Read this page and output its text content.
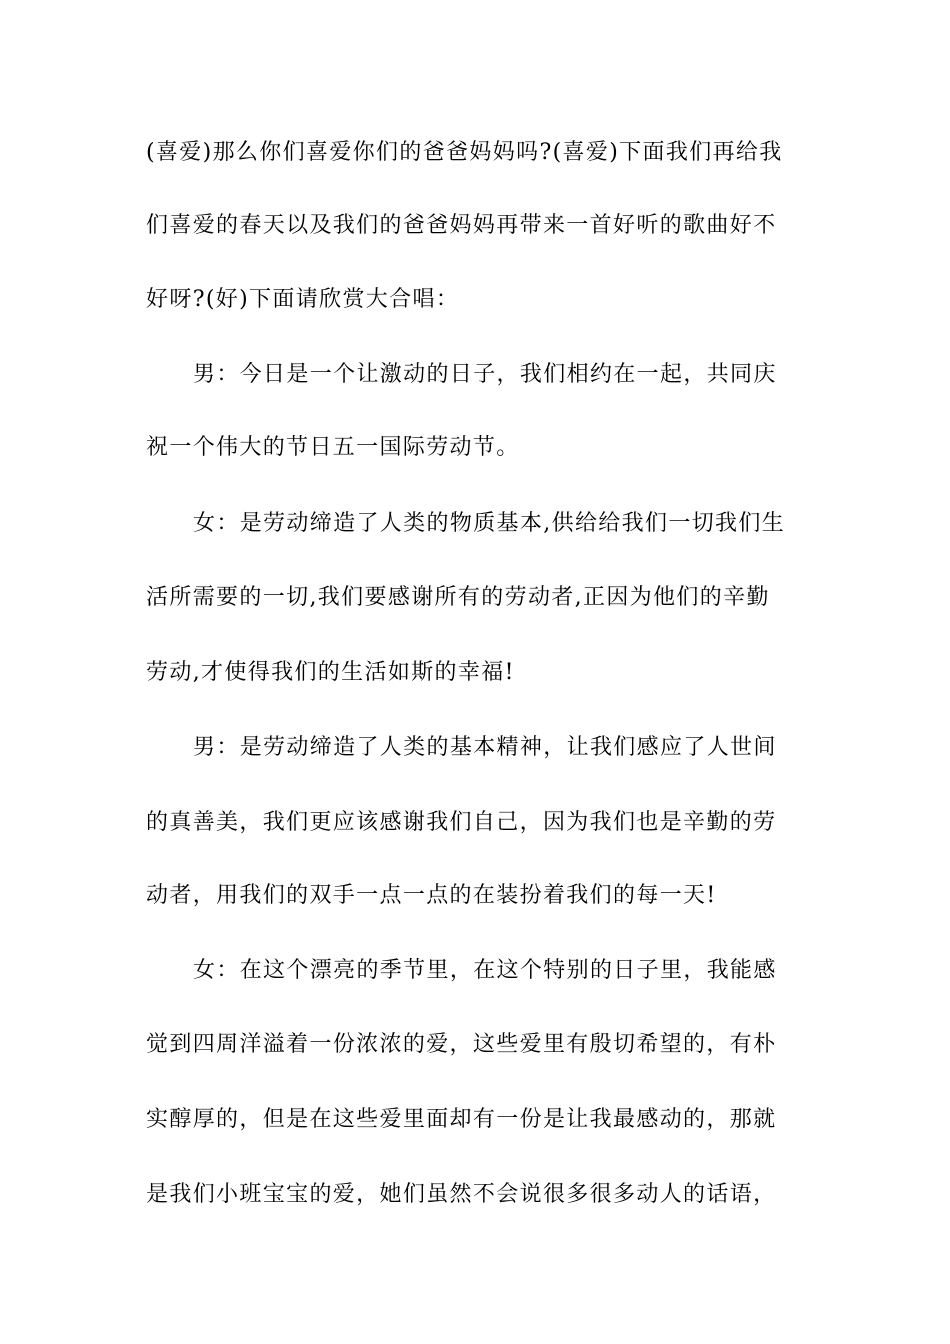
(喜爱)那么你们喜爱你们的爸爸妈妈吗?(喜爱)下面我们再给我
们喜爱的春天以及我们的爸爸妈妈再带来一首好听的歌曲好不
好呀?(好)下面请欣赏大合唱：
男：今日是一个让激动的日子，我们相约在一起，共同庆
祝一个伟大的节日五一国际劳动节。
女：是劳动缔造了人类的物质基本,供给给我们一切我们生
活所需要的一切,我们要感谢所有的劳动者,正因为他们的辛勤
劳动,才使得我们的生活如斯的幸福!
男：是劳动缔造了人类的基本精神，让我们感应了人世间
的真善美，我们更应该感谢我们自己，因为我们也是辛勤的劳
动者，用我们的双手一点一点的在装扮着我们的每一天!
女：在这个漂亮的季节里，在这个特别的日子里，我能感
觉到四周洋溢着一份浓浓的爱，这些爱里有殷切希望的，有朴
实醇厚的，但是在这些爱里面却有一份是让我最感动的，那就
是我们小班宝宝的爱，她们虽然不会说很多很多动人的话语，
